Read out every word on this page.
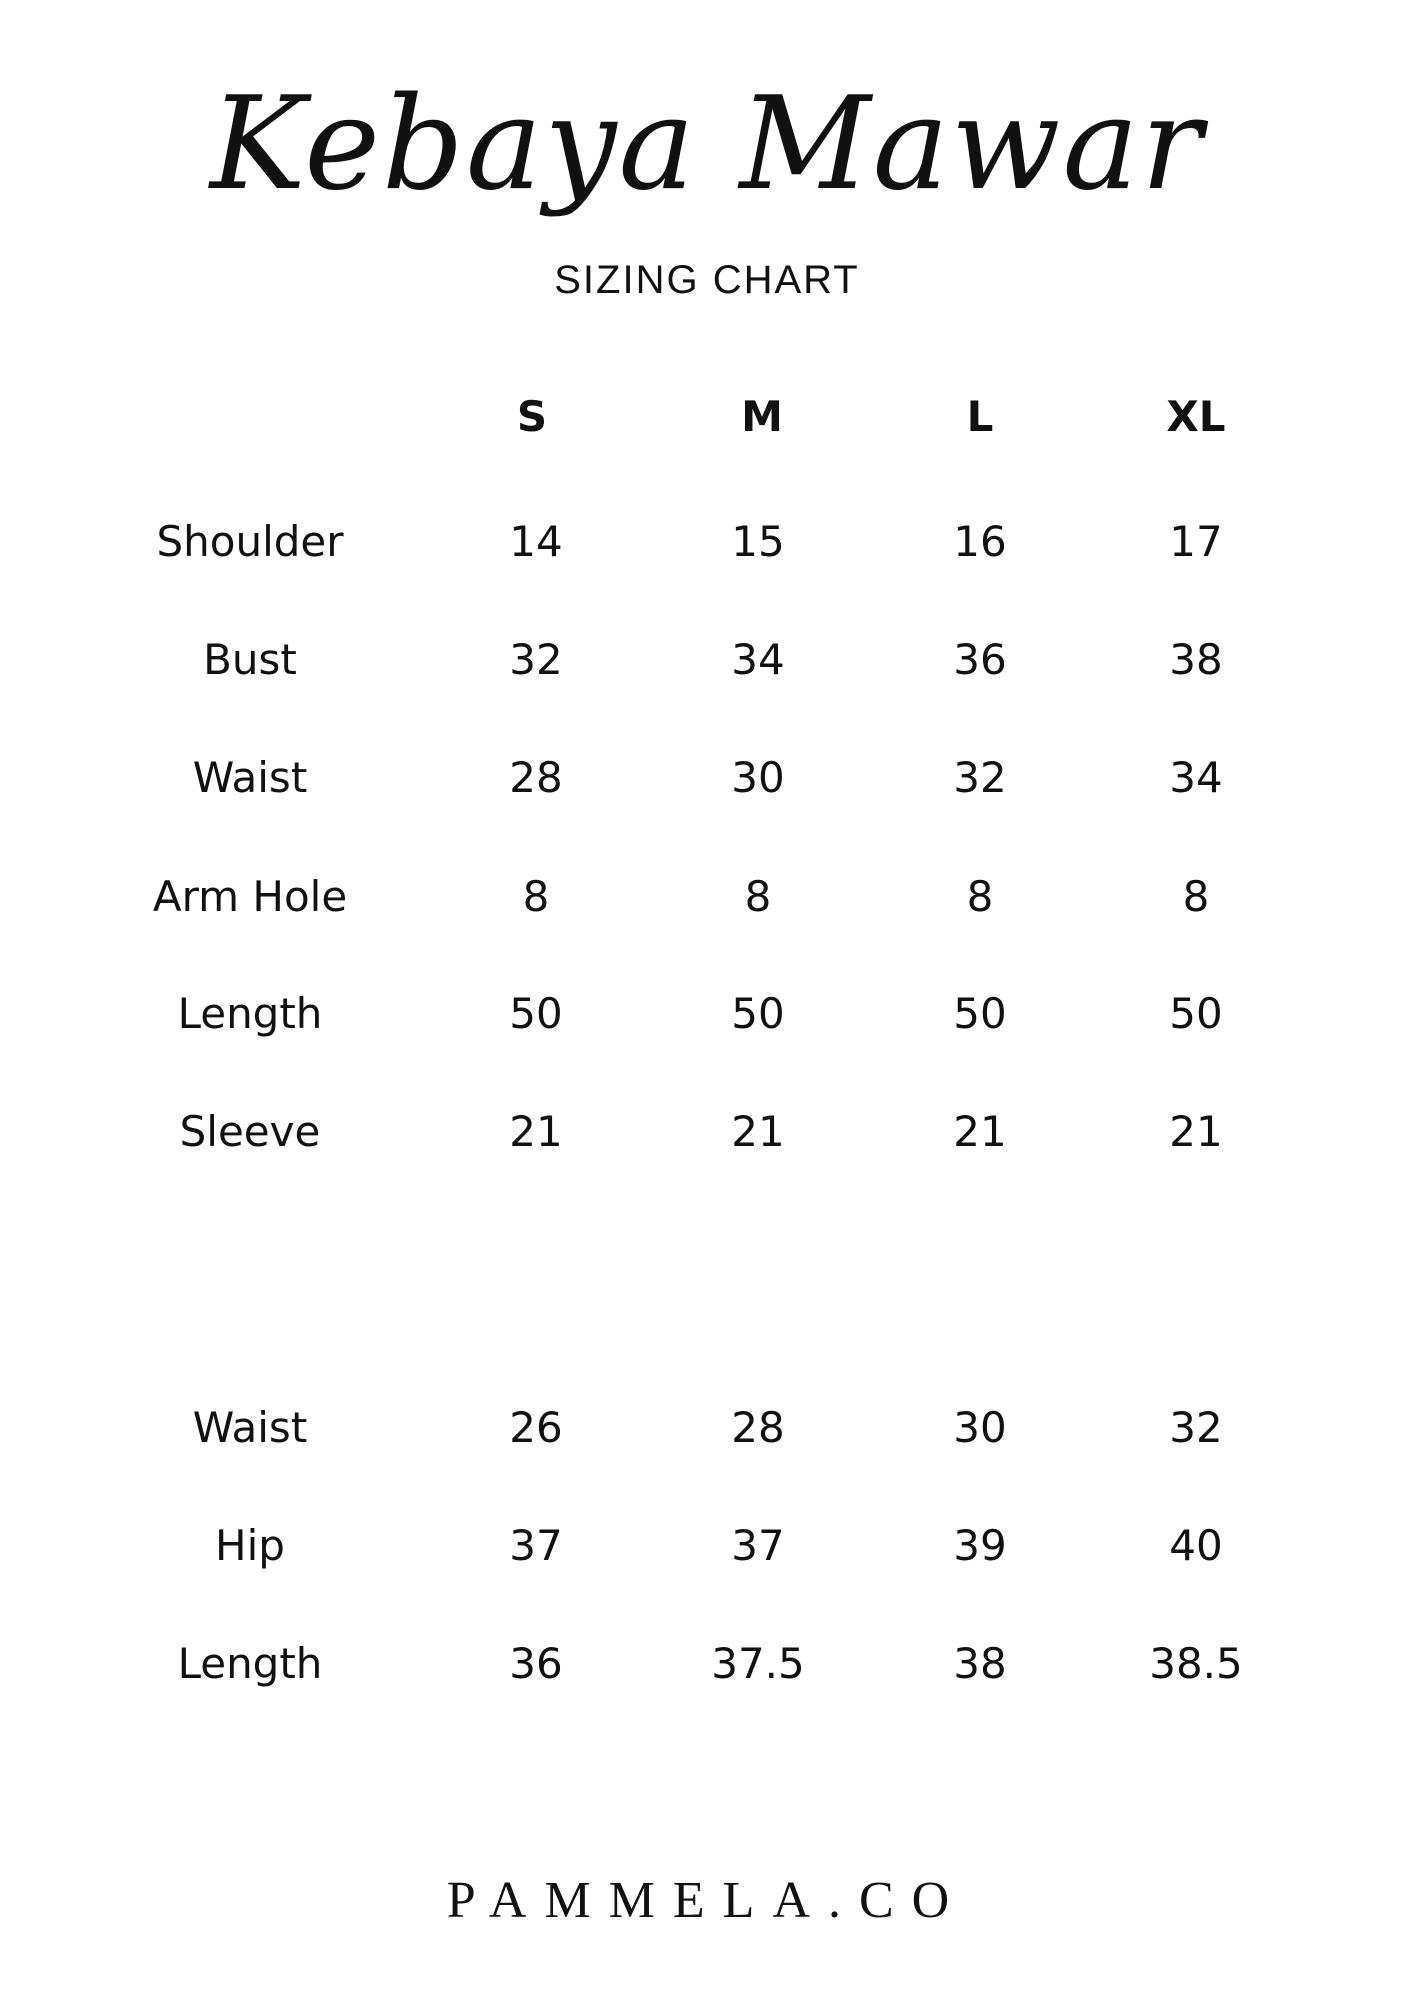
Kebaya Mawar
SIZING CHART
S	M	L	XL
Shoulder	14	15	16	17
Bust	32	34	36	38
Waist	28	30	32	34
Arm Hole	8	8	8	8
Length	50	50	50	50
Sleeve	21	21	21	21
Waist	26	28	30	32
Hip	37	37	39	40
Length	36	37.5	38	38.5
PAMMELA.CO
